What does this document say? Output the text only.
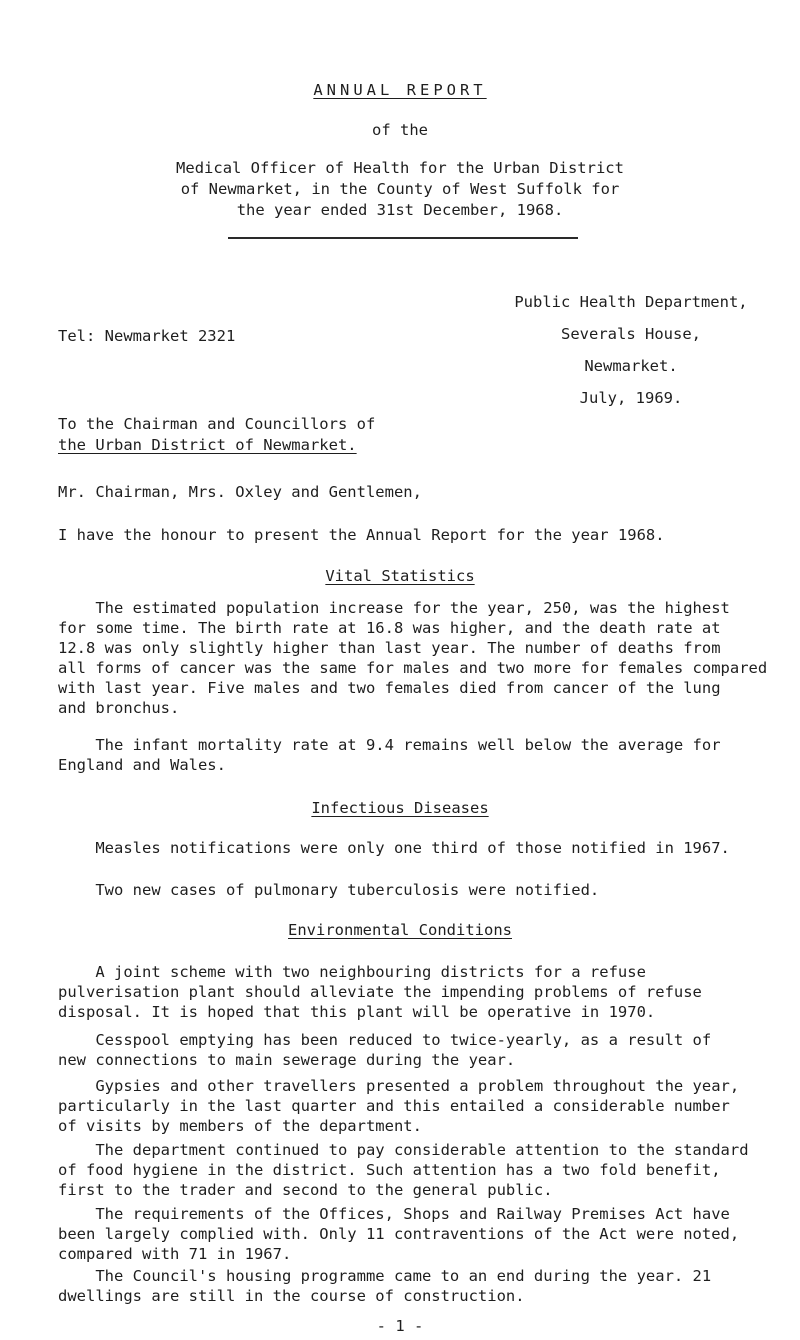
ANNUAL REPORT
of the
Medical Officer of Health for the Urban District
of Newmarket, in the County of West Suffolk for
the year ended 31st December, 1968.
Public Health Department,
Severals House,
Newmarket.
July, 1969.
Tel: Newmarket 2321
To the Chairman and Councillors of
the Urban District of Newmarket.
Mr. Chairman, Mrs. Oxley and Gentlemen,
I have the honour to present the Annual Report for the year 1968.
Vital Statistics
The estimated population increase for the year, 250, was the highest
for some time. The birth rate at 16.8 was higher, and the death rate at
12.8 was only slightly higher than last year. The number of deaths from
all forms of cancer was the same for males and two more for females compared
with last year. Five males and two females died from cancer of the lung
and bronchus.
The infant mortality rate at 9.4 remains well below the average for
England and Wales.
Infectious Diseases
Measles notifications were only one third of those notified in 1967.
Two new cases of pulmonary tuberculosis were notified.
Environmental Conditions
A joint scheme with two neighbouring districts for a refuse
pulverisation plant should alleviate the impending problems of refuse
disposal. It is hoped that this plant will be operative in 1970.
Cesspool emptying has been reduced to twice-yearly, as a result of
new connections to main sewerage during the year.
Gypsies and other travellers presented a problem throughout the year,
particularly in the last quarter and this entailed a considerable number
of visits by members of the department.
The department continued to pay considerable attention to the standard
of food hygiene in the district. Such attention has a two fold benefit,
first to the trader and second to the general public.
The requirements of the Offices, Shops and Railway Premises Act have
been largely complied with. Only 11 contraventions of the Act were noted,
compared with 71 in 1967.
The Council's housing programme came to an end during the year. 21
dwellings are still in the course of construction.
- 1 -
